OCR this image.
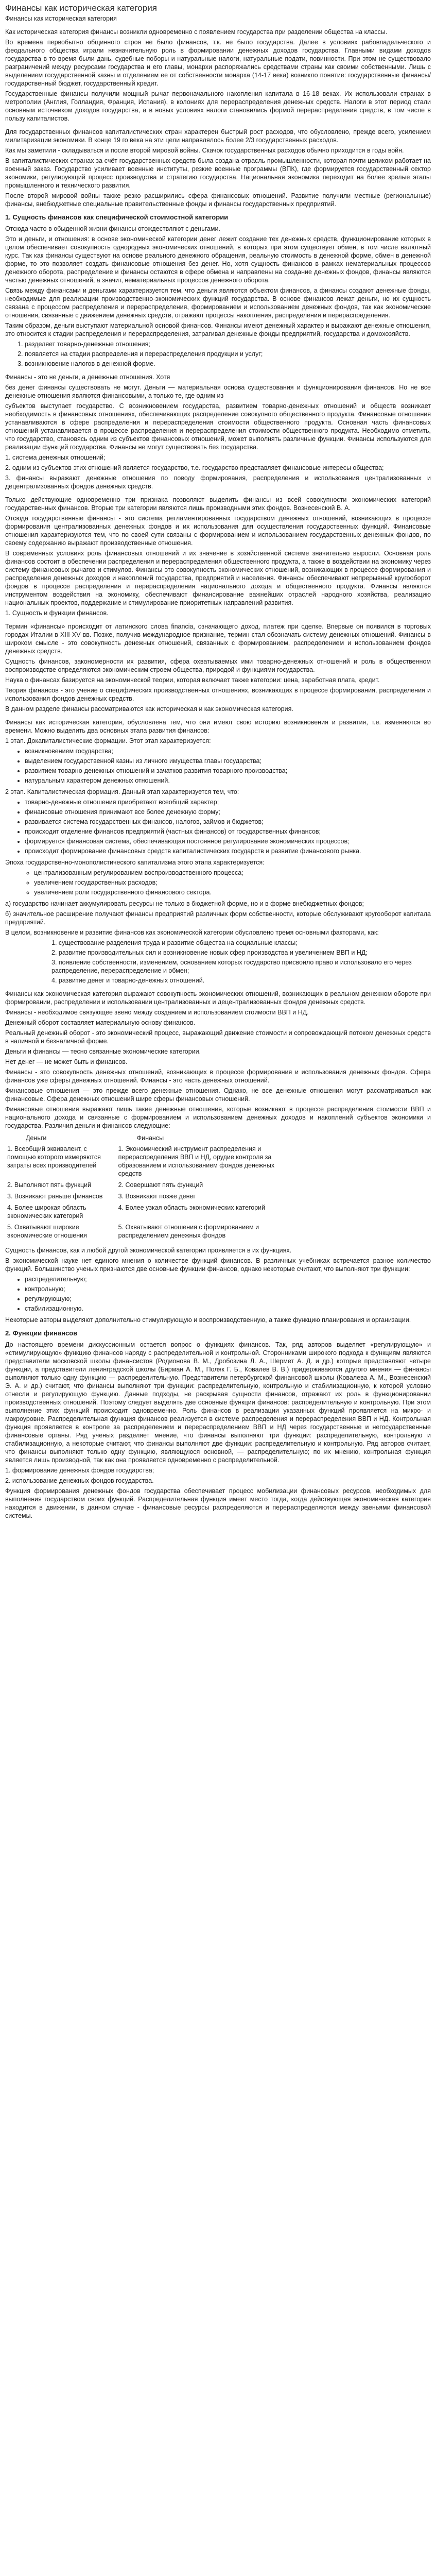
Финансы как историческая категория

Финансы как историческая категория

Как историческая категория финансы возникли одновременно с появлением государства при разделении общества на классы.

Во времена первобытно общинного строя не было финансов, т.к. не было государства. Далее в условиях рабовладельческого и феодального общества играли незначительную роль в формировании денежных доходов государства. Главными видами доходов государства в то время были дань, судебные поборы и натуральные налоги, натуральные подати, повинности. При этом не существовало разграничений между ресурсами государства и его главы, монархи распоряжались средствами страны как своими собственными. Лишь с выделением государственной казны и отделением ее от собственности монарха (14-17 века) возникло понятие: государственные финансы/государственный бюджет, государственный кредит.

Государственные финансы получили мощный рычаг первоначального накопления капитала в 16-18 веках. Их использовали странах в метрополии (Англия, Голландия, Франция, Испания), в колониях для перераспределения денежных средств. Налоги в этот период стали основным источником доходов государства, а в новых условиях налоги становились формой перераспределения средств, в том числе в пользу капиталистов.

Для государственных финансов капиталистических стран характерен быстрый рост расходов, что обусловлено, прежде всего, усилением милитаризации экономики. В конце 19 го века на эти цели направлялось более 2/3 государственных расходов.

Как мы заметили - складываться и после второй мировой войны. Скачок государственных расходов обычно приходится в годы войн.

В капиталистических странах за счёт государственных средств была создана отрасль промышленности, которая почти целиком работает на военный заказ. Государство усиливает военные институты, резкие военные программы (ВПК), где формируется государственный сектор экономики, регулирующий процесс производства и стратегию государства. Национальная экономика переходит на более зрелые этапы промышленного и технического развития.

После второй мировой войны также резко расширились сфера финансовых отношений. Развитие получили местные (региональные) финансы, внебюджетные специальные правительственные фонды и финансы государственных предприятий.

1. Сущность финансов как специфической стоимостной категории

Отсюда часто в обыденной жизни финансы отождествляют с деньгами.

Это и деньги, и отношения: в основе экономической категории денег лежит создание тех денежных средств, функционирование которых в целом обеспечивает совокупность однородных экономических отношений, в которых при этом существует обмен, в том числе валютный курс. Так как финансы существуют на основе реального денежного обращения, реальную стоимость в денежной форме, обмен в денежной форме, то это позволяет создать финансовые отношения без денег. Но, хотя сущность финансов в рамках нематериальных процессов денежного оборота, распределение и финансы остаются в сфере обмена и направлены на создание денежных фондов, финансы являются частью денежных отношений, а значит, нематериальных процессов денежного оборота.

Связь между финансами и деньгами характеризуется тем, что деньги являются объектом финансов, а финансы создают денежные фонды, необходимые для реализации производственно-экономических функций государства. В основе финансов лежат деньги, но их сущность связана с процессом распределения и перераспределения, формированием и использованием денежных фондов, так как экономические отношения, связанные с движением денежных средств, отражают процессы накопления, распределения и перераспределения.

Таким образом, деньги выступают материальной основой финансов. Финансы имеют денежный характер и выражают денежные отношения, это относится к стадии распределения и перераспределения, затрагивая денежные фонды предприятий, государства и домохозяйств.

1. разделяет товарно-денежные отношения;
2. появляется на стадии распределения и перераспределения продукции и услуг;
3. возникновение налогов в денежной форме.

Финансы - это не деньги, а денежные отношения. Хотя

без денег финансы существовать не могут. Деньги — материальная основа существования и функционирования финансов. Но не все денежные отношения являются финансовыми, а только те, где одним из

субъектов выступает государство. С возникновением государства, развитием товарно-денежных отношений и обществ возникает необходимость в финансовых отношениях, обеспечивающих распределение совокупного общественного продукта. Финансовые отношения устанавливаются в сфере распределения и перераспределения стоимости общественного продукта. Основная часть финансовых отношений устанавливается в процессе распределения и перераспределения стоимости общественного продукта. Необходимо отметить, что государство, становясь одним из субъектов финансовых отношений, может выполнять различные функции. Финансы используются для реализации функций государства. Финансы не могут существовать без государства.

1. система денежных отношений;

2. одним из субъектов этих отношений является государство, т.е. государство представляет финансовые интересы общества;

3. финансы выражают денежные отношения по поводу формирования, распределения и использования централизованных и децентрализованных фондов денежных средств.

Только действующие одновременно три признака позволяют выделить финансы из всей совокупности экономических категорий государственных финансов. Вторые три категории являются лишь производными этих фондов. Вознесенский В. А.

Отсюда государственные финансы - это система регламентированных государством денежных отношений, возникающих в процессе формирования централизованных денежных фондов и их использования для осуществления государственных функций. Финансовые отношения характеризуются тем, что по своей сути связаны с формированием и использованием государственных денежных фондов, по своему содержанию выражают производственные отношения.

В современных условиях роль финансовых отношений и их значение в хозяйственной системе значительно выросли. Основная роль финансов состоит в обеспечении распределения и перераспределения общественного продукта, а также в воздействии на экономику через систему финансовых рычагов и стимулов. Финансы это совокупность экономических отношений, возникающих в процессе формирования и распределения денежных доходов и накоплений государства, предприятий и населения. Финансы обеспечивают непрерывный кругооборот фондов в процессе распределения и перераспределения национального дохода и общественного продукта. Финансы являются инструментом воздействия на экономику, обеспечивают финансирование важнейших отраслей народного хозяйства, реализацию национальных проектов, поддержание и стимулирование приоритетных направлений развития.

1. Сущность и функции финансов.

Термин «финансы» происходит от латинского слова financia, означающего доход, платеж при сделке. Впервые он появился в торговых городах Италии в XIII-XV вв. Позже, получив международное признание, термин стал обозначать систему денежных отношений. Финансы в широком смысле - это совокупность денежных отношений, связанных с формированием, распределением и использованием фондов денежных средств.

Сущность финансов, закономерности их развития, сфера охватываемых ими товарно-денежных отношений и роль в общественном воспроизводстве определяются экономическим строем общества, природой и функциями государства.

Наука о финансах базируется на экономической теории, которая включает также категории: цена, заработная плата, кредит.

Теория финансов - это учение о специфических производственных отношениях, возникающих в процессе формирования, распределения и использования фондов денежных средств.

В данном разделе финансы рассматриваются как историческая и как экономическая категория.

Финансы как историческая категория, обусловлена тем, что они имеют свою историю возникновения и развития, т.е. изменяются во времени. Можно выделить два основных этапа развития финансов:

1 этап. Докапиталистические формации. Этот этап характеризуется:

• возникновением государства;
• выделением государственной казны из личного имущества главы государства;
• развитием товарно-денежных отношений и зачатков развития товарного производства;
• натуральным характером денежных отношений.

2 этап. Капиталистическая формация. Данный этап характеризуется тем, что:

• товарно-денежные отношения приобретают всеобщий характер;
• финансовые отношения принимают все более денежную форму;
• развивается система государственных финансов, налогов, займов и бюджетов;
• происходит отделение финансов предприятий (частных финансов) от государственных финансов;
• формируется финансовая система, обеспечивающая постоянное регулирование экономических процессов;
• происходит формирование финансовых средств капиталистических государств и развитие финансового рынка.

Эпоха государственно-монополистического капитализма этого этапа характеризуется:

◦ централизованным регулированием воспроизводственного процесса;
◦ увеличением государственных расходов;
◦ увеличением роли государственного финансового сектора.

а) государство начинает аккумулировать ресурсы не только в бюджетной форме, но и в форме внебюджетных фондов;

б) значительное расширение получают финансы предприятий различных форм собственности, которые обслуживают кругооборот капитала предприятий.

В целом, возникновение и развитие финансов как экономической категории обусловлено тремя основными факторами, как:

1. существование разделения труда и развитие общества на социальные классы;
2. развитие производительных сил и возникновение новых сфер производства и увеличением ВВП и НД;
3. появление собственности, изменением, основанием которых государство присвоило право и использовало его через распределение, перераспределение и обмен;
4. развитие денег и товарно-денежных отношений.

Финансы как экономическая категория выражают совокупность экономических отношений, возникающих в реальном денежном обороте при формировании, распределении и использовании централизованных и децентрализованных фондов денежных средств.

Финансы - необходимое связующее звено между созданием и использованием стоимости ВВП и НД.

Денежный оборот составляет материальную основу финансов.

Реальный денежный оборот - это экономический процесс, выражающий движение стоимости и сопровождающий потоком денежных средств в наличной и безналичной форме.

Деньги и финансы — тесно связанные экономические категории.

Нет денег — не может быть и финансов.

Финансы - это совокупность денежных отношений, возникающих в процессе формирования и использования денежных фондов. Сфера финансов уже сферы денежных отношений. Финансы - это часть денежных отношений.

Финансовые отношения — это прежде всего денежные отношения. Однако, не все денежные отношения могут рассматриваться как финансовые. Сфера денежных отношений шире сферы финансовых отношений.

Финансовые отношения выражают лишь такие денежные отношения, которые возникают в процессе распределения стоимости ВВП и национального дохода и связанные с формированием и использованием денежных доходов и накоплений субъектов экономики и государства. Различия деньги и финансов следующие:

Деньги	Финансы
1. Всеобщий эквивалент, с помощью которого измеряются затраты всех производителей	1. Экономический инструмент распределения и перераспределения ВВП и НД, орудие контроля за образованием и использованием фондов денежных средств
2. Выполняют пять функций	2. Совершают пять функций
3. Возникают раньше финансов	3. Возникают позже денег
4. Более широкая область экономических категорий	4. Более узкая область экономических категорий
5. Охватывают широкие экономические отношения	5. Охватывают отношения с формированием и распределением денежных фондов

Сущность финансов, как и любой другой экономической категории проявляется в их функциях.

В экономической науке нет единого мнения о количестве функций финансов. В различных учебниках встречается разное количество функций. Большинство ученых признаются две основные функции финансов, однако некоторые считают, что выполняют три функции:

• распределительную;
• контрольную;
• регулирующую;
• стабилизационную.

Некоторые авторы выделяют дополнительно стимулирующую и воспроизводственную, а также функцию планирования и организации.

2. Функции финансов

До настоящего времени дискуссионным остается вопрос о функциях финансов. Так, ряд авторов выделяет «регулирующую» и «стимулирующую» функцию финансов наряду с распределительной и контрольной. Сторонниками широкого подхода к функциям являются представители московской школы финансистов (Родионова В. М., Дробозина Л. А., Шермет А. Д. и др.) которые представляют четыре функции, а представители ленинградской школы (Бирман А. М., Поляк Г. Б., Ковалев В. В.) придерживаются другого мнения — финансы выполняют только одну функцию — распределительную. Представители петербургской финансовой школы (Ковалева А. М., Вознесенский Э. А. и др.) считают, что финансы выполняют три функции: распределительную, контрольную и стабилизационную, к которой условно отнесли и регулирующую функцию. Данные подходы, не раскрывая сущности финансов, отражают их роль в функционировании производственных отношений. Поэтому следует выделять две основные функции финансов: распределительную и контрольную. При этом выполнение этих функций происходит одновременно. Роль финансов в реализации указанных функций проявляется на микро- и макроуровне. Распределительная функция финансов реализуется в системе распределения и перераспределения ВВП и НД. Контрольная функция проявляется в контроле за распределением и перераспределением ВВП и НД через государственные и негосударственные финансовые органы. Ряд ученых разделяет мнение, что финансы выполняют три функции: распределительную, контрольную и стабилизационную, а некоторые считают, что финансы выполняют две функции: распределительную и контрольную. Ряд авторов считает, что финансы выполняют только одну функцию, являющуюся основной, — распределительную; по их мнению, контрольная функция является лишь производной, так как она проявляется одновременно с распределительной.

1. формирование денежных фондов государства;

2. использование денежных фондов государства.

Функция формирования денежных фондов государства обеспечивает процесс мобилизации финансовых ресурсов, необходимых для выполнения государством своих функций. Распределительная функция имеет место тогда, когда действующая экономическая категория находится в движении, в данном случае - финансовые ресурсы распределяются и перераспределяются между звеньями финансовой системы.
